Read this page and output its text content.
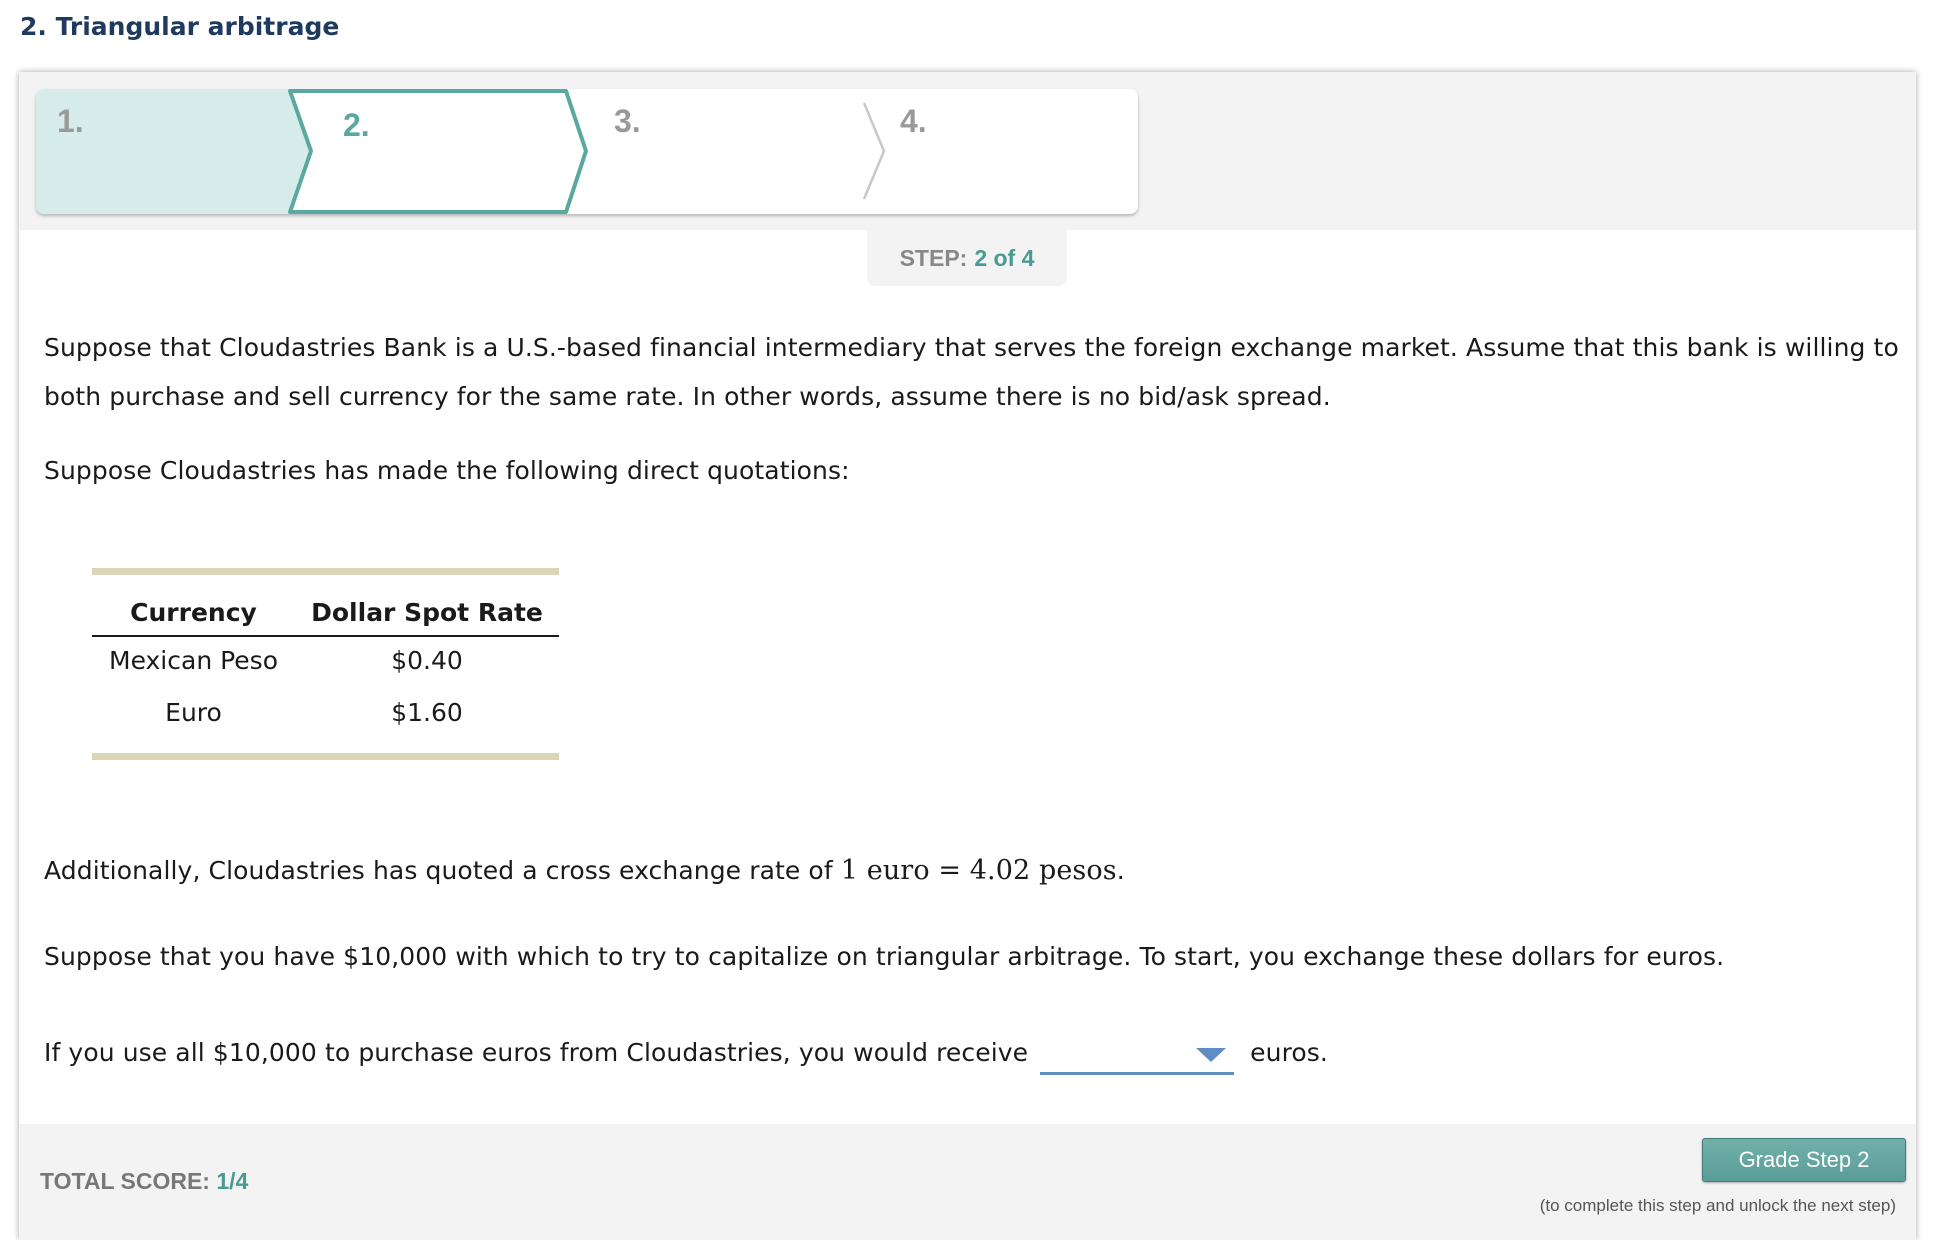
2. Triangular arbitrage
1.	2.	3.	4.
STEP: 2 of 4
Suppose that Cloudastries Bank is a U.S.-based financial intermediary that serves the foreign exchange market. Assume that this bank is willing to
both purchase and sell currency for the same rate. In other words, assume there is no bid/ask spread.
Suppose Cloudastries has made the following direct quotations:
Currency	Dollar Spot Rate
Mexican Peso	$0.40
Euro	$1.60
Additionally, Cloudastries has quoted a cross exchange rate of 1 euro = 4.02 pesos.
Suppose that you have $10,000 with which to try to capitalize on triangular arbitrage. To start, you exchange these dollars for euros.
If you use all $10,000 to purchase euros from Cloudastries, you would receive	euros.
TOTAL SCORE: 1/4
Grade Step 2
(to complete this step and unlock the next step)
